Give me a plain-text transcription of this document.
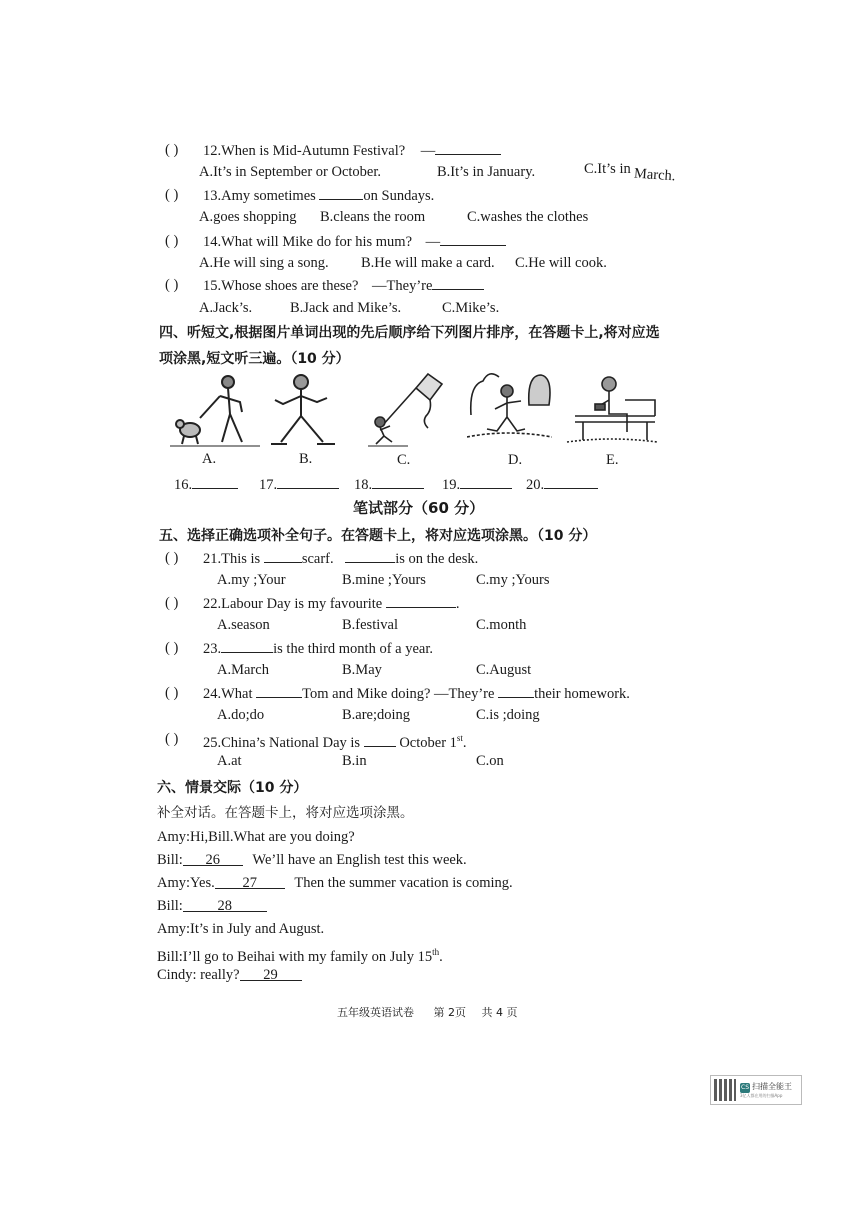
( ) 12.When is Mid-Autumn Festival? —
A.It’s in September or October.	B.It’s in January.	C.It’s in March.
( ) 13.Amy sometimes	on Sundays.
A.goes shopping B.cleans the room	C.washes the clothes
( ) 14.What will Mike do for his mum? —
A.He will sing a song. B.He will make a card. C.He will cook.
( ) 15.Whose shoes are these? —They’re
A.Jack’s.	B.Jack and Mike’s.	C.Mike’s.
四、听短文,根据图片单词出现的先后顺序给下列图片排序，在答题卡上,将对应选
项涂黑,短文听三遍。（10 分）
A.	B.	C.	D.	E.
16.	17.	18.	19.	20.
笔试部分（60 分）
五、选择正确选项补全句子。在答题卡上，将对应选项涂黑。（10 分）
( ) 21.This is	scarf.	is on the desk.
A.my ;Your	B.mine ;Yours	C.my ;Yours
( ) 22.Labour Day is my favourite	.
A.season	B.festival	C.month
( ) 23.	is the third month of a year.
A.March	B.May	C.August
( ) 24.What	Tom and Mike doing? —They’re	their homework.
A.do;do	B.are;doing	C.is ;doing
( ) 25.China’s National Day is	October 1st.
A.at	B.in	C.on
六、情景交际（10 分）
补全对话。在答题卡上，将对应选项涂黑。
Amy:Hi,Bill.What are you doing?
Bill: 26 We’ll have an English test this week.
Amy:Yes. 27	Then the summer vacation is coming.
Bill: 28
Amy:It’s in July and August.
Bill:I’ll go to Beihai with my family on July 15th.
Cindy: really? 29
五年级英语试卷 第 2页 共 4 页
CS 扫描全能王
3亿人都在用的扫描App
